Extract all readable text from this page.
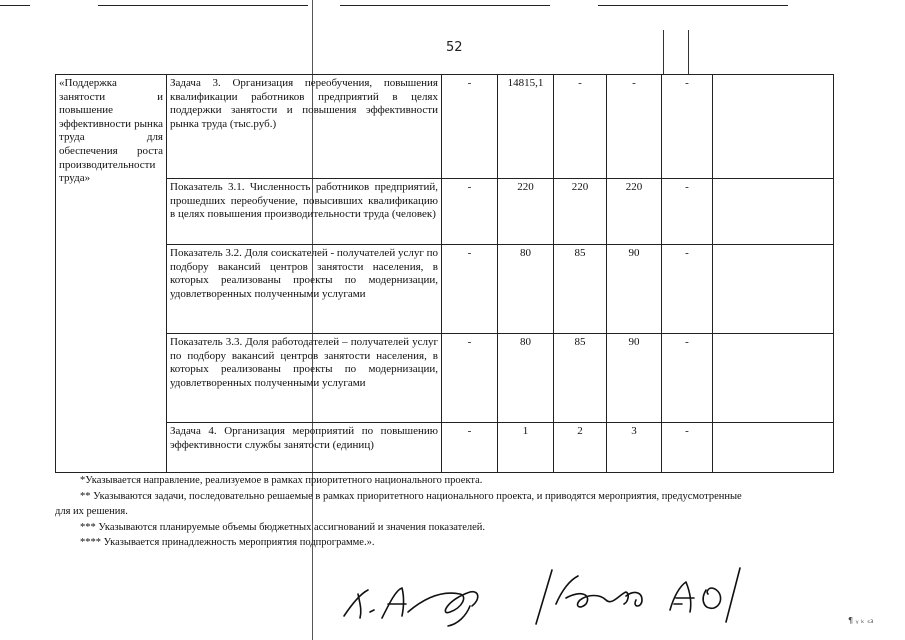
52
«Поддержка занятости и повышение эффективности рынка труда для обеспечения роста производительности труда»	Задача 3. Организация переобучения, повышения квалификации работников предприятий в целях поддержки занятости и повышения эффективности рынка труда (тыс.руб.)	-	14815,1	-	-	-	
	Показатель 3.1. Численность работников предприятий, прошедших переобучение, повысивших квалификацию в целях повышения производительности труда (человек)	-	220	220	220	-	
	Показатель 3.2. Доля соискателей - получателей услуг по подбору вакансий центров занятости населения, в которых реализованы проекты по модернизации, удовлетворенных полученными услугами	-	80	85	90	-	
	Показатель 3.3. Доля работодателей – получателей услуг по подбору вакансий центров занятости населения, в которых реализованы проекты по модернизации, удовлетворенных полученными услугами	-	80	85	90	-	
	Задача 4. Организация мероприятий по повышению эффективности службы занятости (единиц)	-	1	2	3	-	

*Указывается направление, реализуемое в рамках приоритетного национального проекта.

** Указываются задачи, последовательно решаемые в рамках приоритетного национального проекта, и приводятся мероприятия, предусмотренные

для их решения.

*** Указываются планируемые объемы бюджетных ассигнований и значения показателей.

**** Указывается принадлежность мероприятия подпрограмме.».

¶ ᵧ ₖ ₛ₃
